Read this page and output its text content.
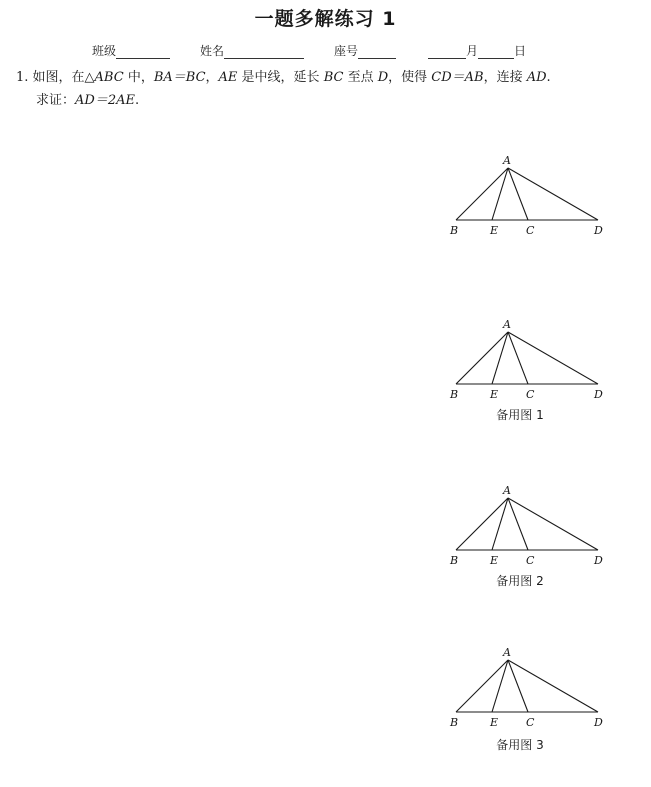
一题多解练习 1
班级	姓名	座号	月	日
1. 如图，在△ABC 中，BA＝BC，AE 是中线，延长 BC 至点 D，使得 CD＝AB，连接 AD.
求证：AD＝2AE.
A
B	E	C	D
A
B	E	C	D
备用图 1
A
B	E	C	D
备用图 2
A
B	E	C	D
备用图 3
